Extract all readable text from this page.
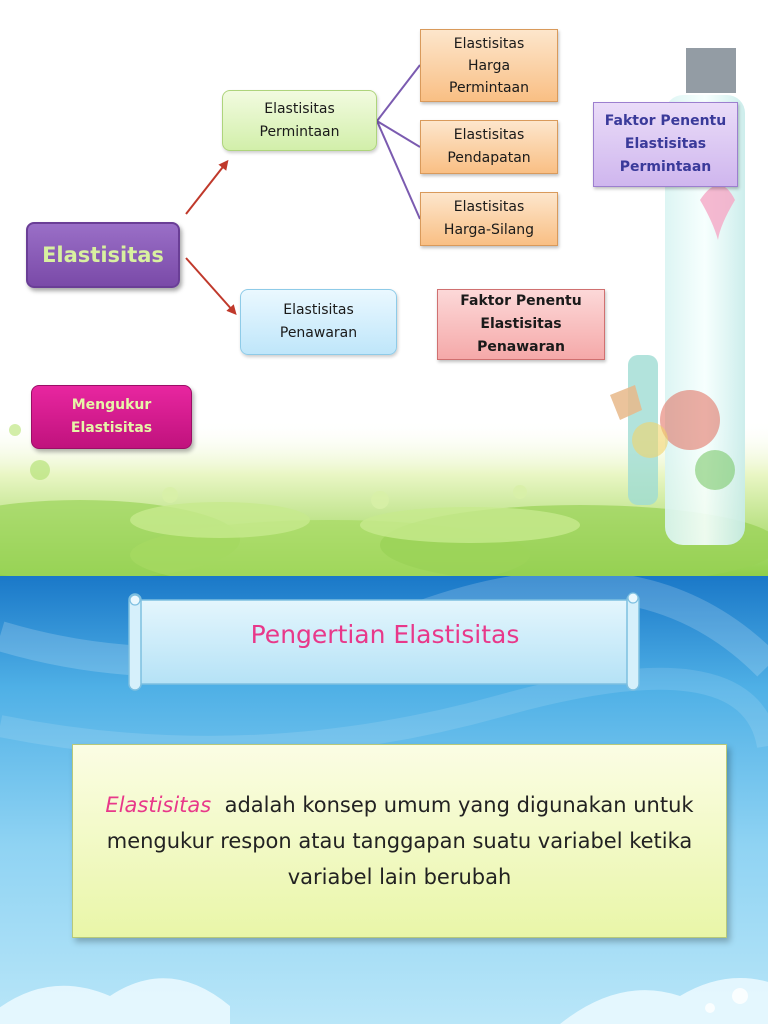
Elastisitas
Elastisitas
Permintaan
Elastisitas
Penawaran
Elastisitas
Harga
Permintaan
Elastisitas
Pendapatan
Elastisitas
Harga-Silang
Faktor Penentu
Elastisitas
Permintaan
Faktor Penentu
Elastisitas
Penawaran
Mengukur
Elastisitas
Pengertian Elastisitas
Elastisitas adalah konsep umum yang digunakan untuk mengukur respon atau tanggapan suatu variabel ketika variabel lain berubah
